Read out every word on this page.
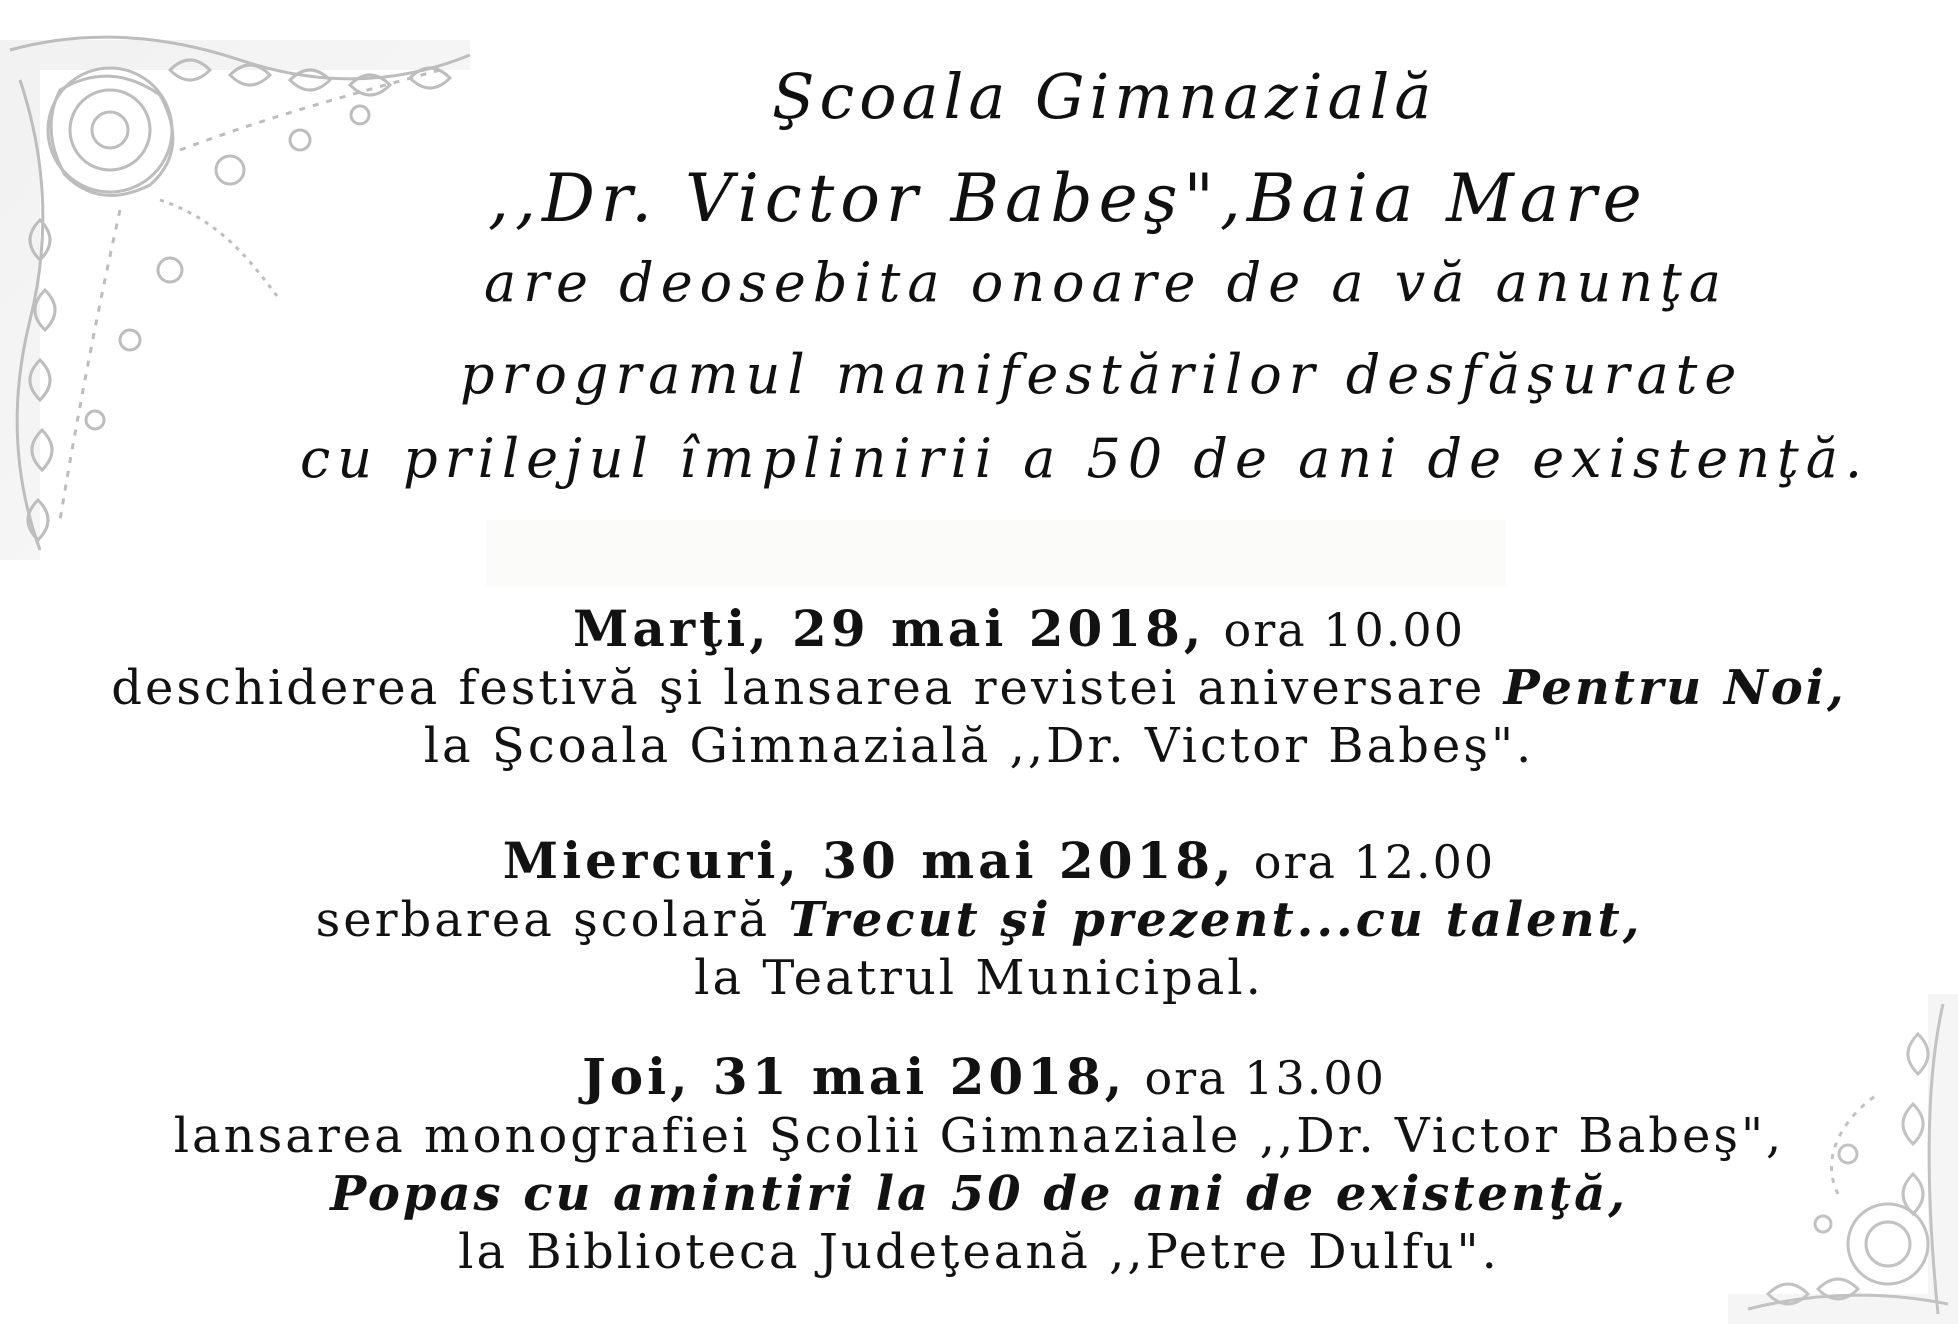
Şcoala Gimnazială
,,Dr. Victor Babeş",Baia Mare
are deosebita onoare de a vă anunţa
programul manifestărilor desfăşurate
cu prilejul împlinirii a 50 de ani de existenţă.
Marţi, 29 mai 2018, ora 10.00
deschiderea festivă şi lansarea revistei aniversare Pentru Noi,
la Şcoala Gimnazială ,,Dr. Victor Babeş".
Miercuri, 30 mai 2018, ora 12.00
serbarea şcolară Trecut şi prezent...cu talent,
la Teatrul Municipal.
Joi, 31 mai 2018, ora 13.00
lansarea monografiei Şcolii Gimnaziale ,,Dr. Victor Babeş",
Popas cu amintiri la 50 de ani de existenţă,
la Biblioteca Judeţeană ,,Petre Dulfu".
